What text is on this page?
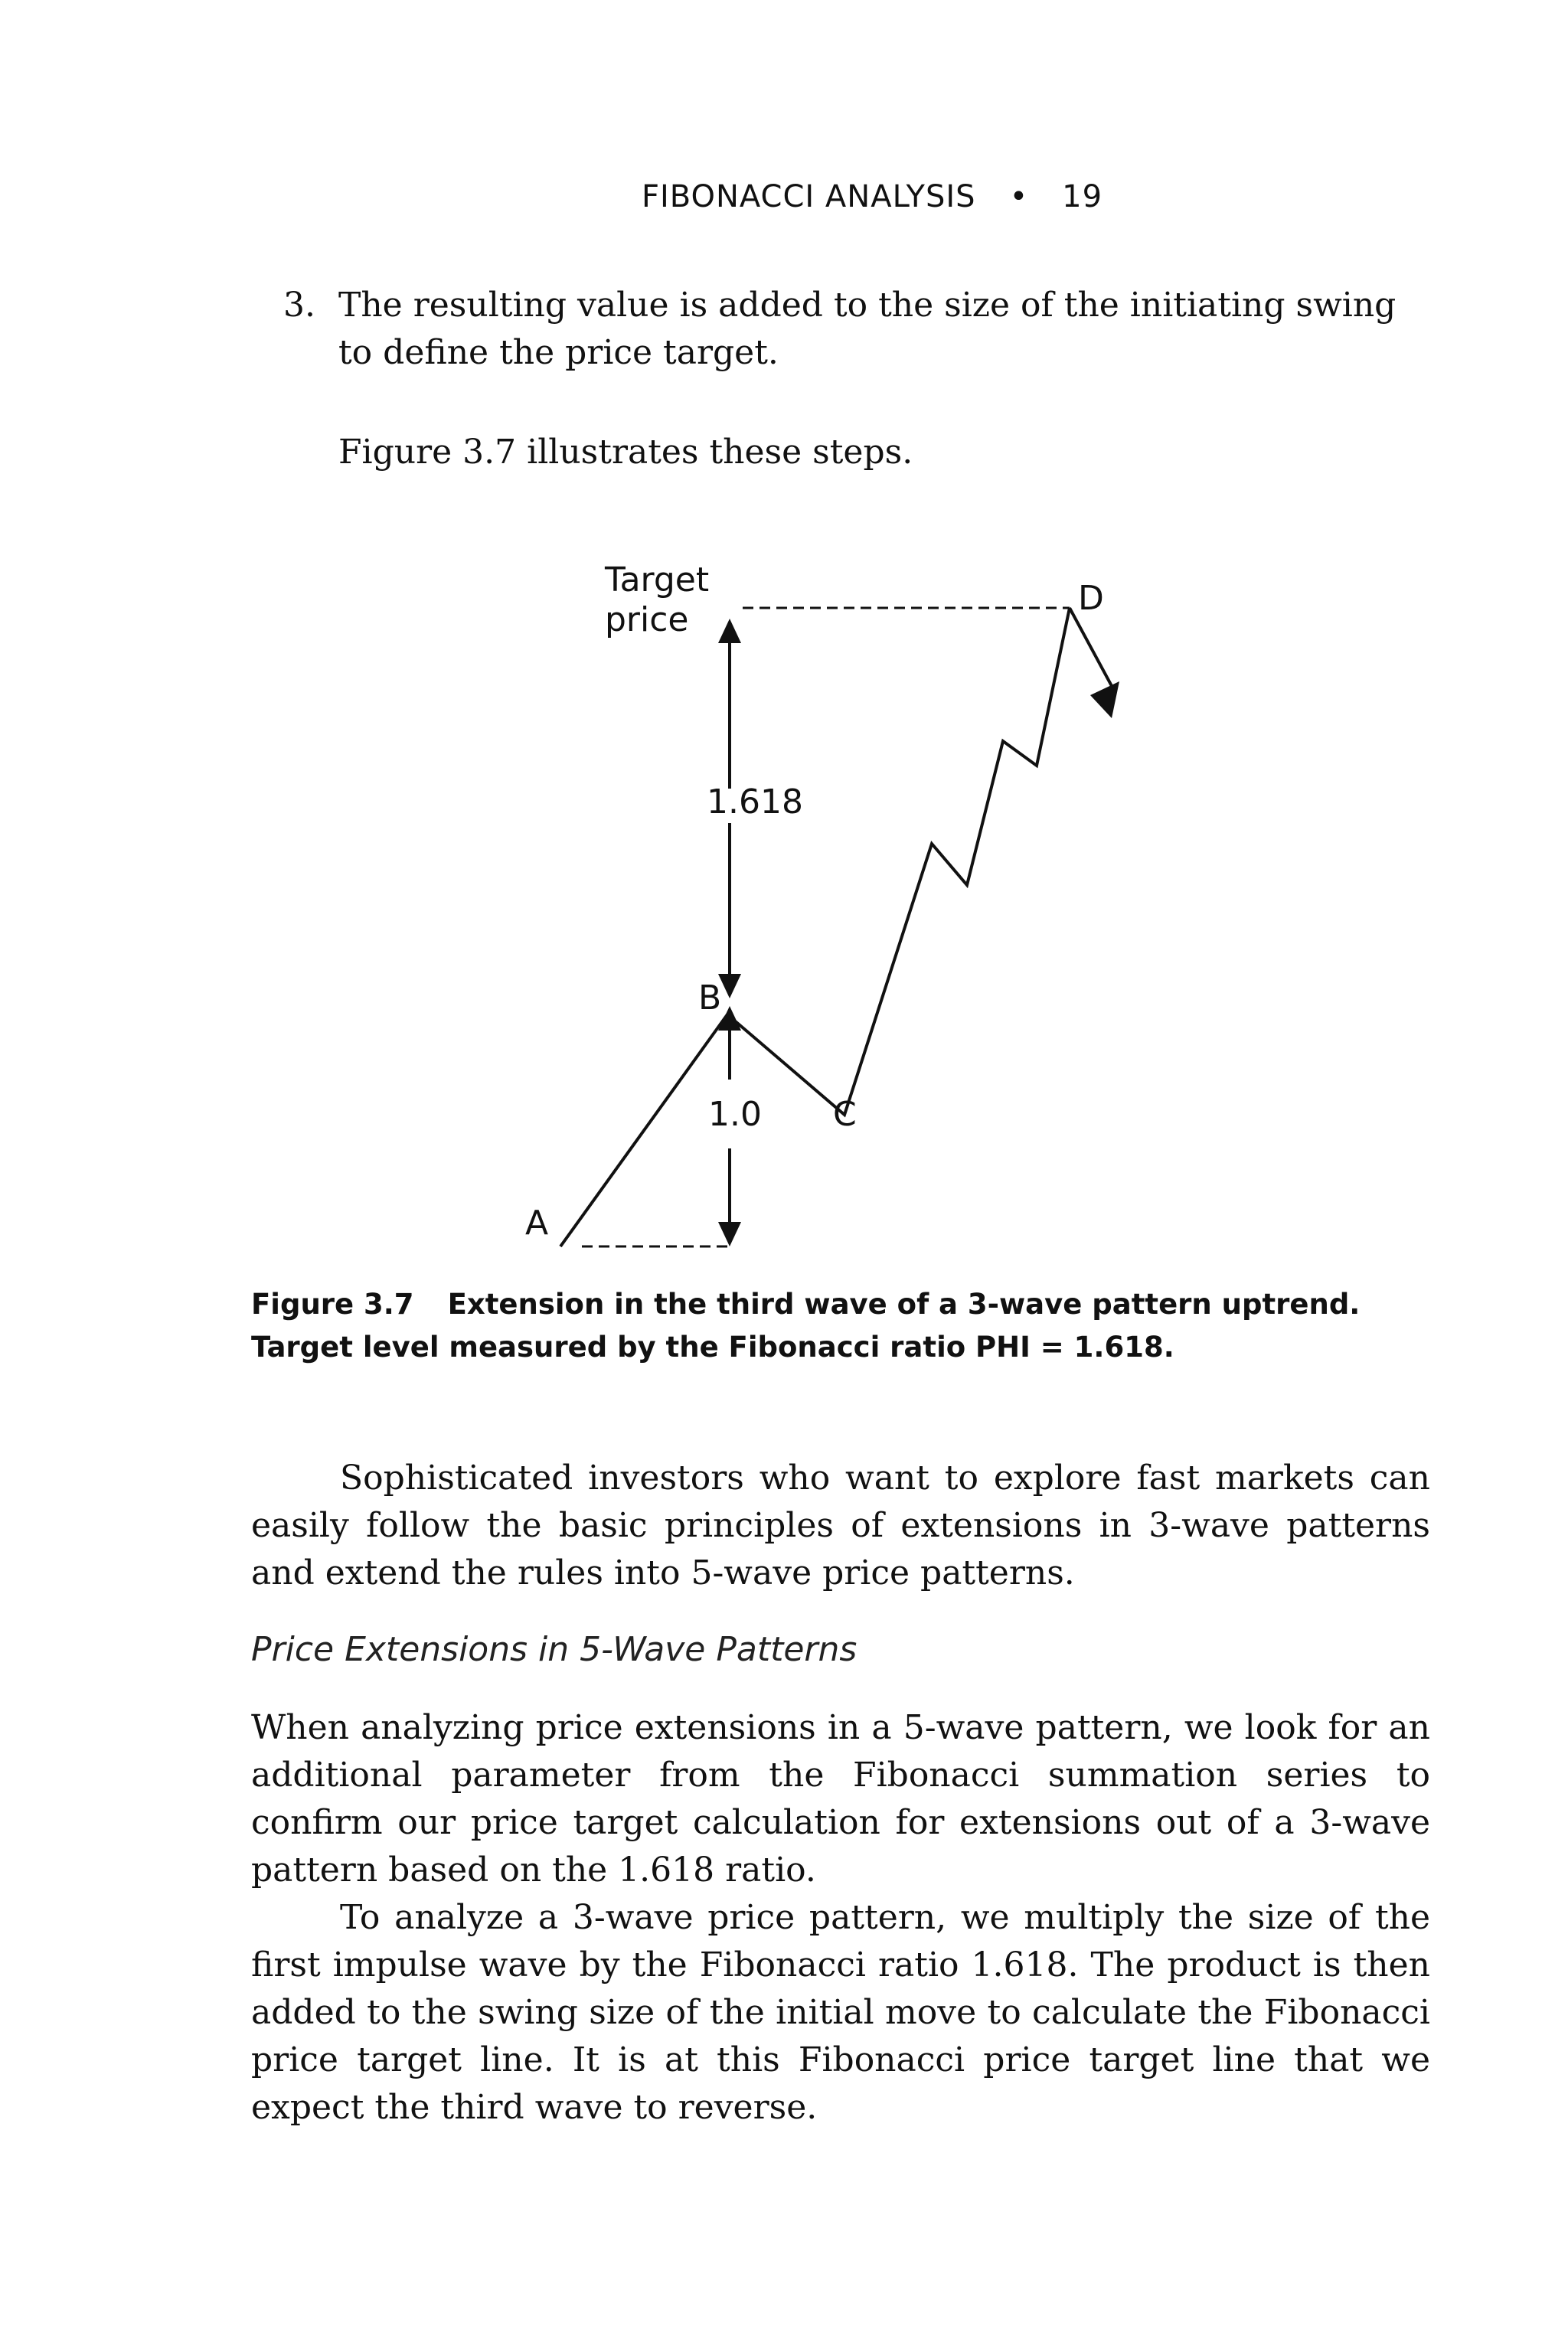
FIBONACCI ANALYSIS • 19
3. The resulting value is added to the size of the initiating swing to define the price target.
Figure 3.7 illustrates these steps.
Target
price
1.618
1.0
A
B
C
D
Figure 3.7 Extension in the third wave of a 3-wave pattern uptrend. Target level measured by the Fibonacci ratio PHI = 1.618.

Sophisticated investors who want to explore fast markets can easily follow the basic principles of extensions in 3-wave patterns and extend the rules into 5-wave price patterns.

Price Extensions in 5-Wave Patterns

When analyzing price extensions in a 5-wave pattern, we look for an additional parameter from the Fibonacci summation series to confirm our price target calculation for extensions out of a 3-wave pattern based on the 1.618 ratio.

To analyze a 3-wave price pattern, we multiply the size of the first impulse wave by the Fibonacci ratio 1.618. The product is then added to the swing size of the initial move to calculate the Fibonacci price target line. It is at this Fibonacci price target line that we expect the third wave to reverse.
